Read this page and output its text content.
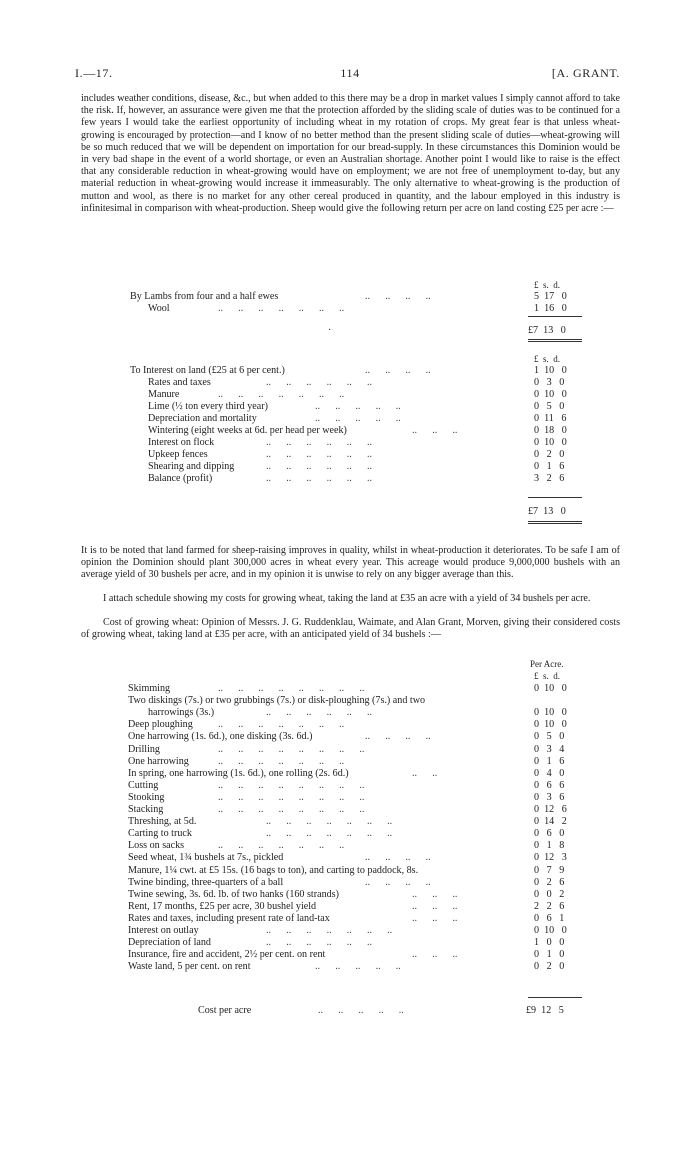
I.—17.	114	[A. GRANT.

includes weather conditions, disease, &c., but when added to this there may be a drop in market values I simply cannot afford to take the risk. If, however, an assurance were given me that the protection afforded by the sliding scale of duties was to be continued for a few years I would take the earliest opportunity of including wheat in my rotation of crops. My great fear is that unless wheat-growing is encouraged by protection—and I know of no better method than the present sliding scale of duties—wheat-growing will be so much reduced that we will be dependent on importation for our bread-supply. In these circumstances this Dominion would be in very bad shape in the event of a world shortage, or even an Australian shortage. Another point I would like to raise is the effect that any considerable reduction in wheat-growing would have on employment; we are not free of unemployment to-day, but any material reduction in wheat-growing would increase it immeasurably. The only alternative to wheat-growing is the production of mutton and wool, as there is no market for any other cereal produced in quantity, and the labour employed in this industry is infinitesimal in comparison with wheat-production. Sheep would give the following return per acre on land costing £25 per acre :—

£  s.  d.
By Lambs from four and a half ewes	..      ..      ..      ..	5  17   0
Wool	..      ..      ..      ..      ..      ..      ..	1  16   0
·	£7  13   0
£  s.  d.
To Interest on land (£25 at 6 per cent.)	..      ..      ..      ..	1  10   0
Rates and taxes	..      ..      ..      ..      ..      ..	0   3   0
Manure	..      ..      ..      ..      ..      ..      ..	0  10   0
Lime (½ ton every third year)	..      ..      ..      ..      ..	0   5   0
Depreciation and mortality	..      ..      ..      ..      ..	0  11   6
Wintering (eight weeks at 6d. per head per week)	..      ..      ..	0  18   0
Interest on flock	..      ..      ..      ..      ..      ..	0  10   0
Upkeep fences	..      ..      ..      ..      ..      ..	0   2   0
Shearing and dipping	..      ..      ..      ..      ..      ..	0   1   6
Balance (profit)	..      ..      ..      ..      ..      ..	3   2   6
£7  13   0

It is to be noted that land farmed for sheep-raising improves in quality, whilst in wheat-production it deteriorates. To be safe I am of opinion the Dominion should plant 300,000 acres in wheat every year. This acreage would produce 9,000,000 bushels with an average yield of 30 bushels per acre, and in my opinion it is unwise to rely on any bigger average than this.

I attach schedule showing my costs for growing wheat, taking the land at £35 an acre with a yield of 34 bushels per acre.

Cost of growing wheat: Opinion of Messrs. J. G. Ruddenklau, Waimate, and Alan Grant, Morven, giving their considered costs of growing wheat, taking land at £35 per acre, with an anticipated yield of 34 bushels :—

Per Acre.
£  s.  d.
Skimming	..      ..      ..      ..      ..      ..      ..      ..	0  10   0
Two diskings (7s.) or two grubbings (7s.) or disk-ploughing (7s.) and two
harrowings (3s.)	..      ..      ..      ..      ..      ..	0  10   0
Deep ploughing ..      ..      ..      ..      ..      ..      ..	0  10   0
One harrowing (1s. 6d.), one disking (3s. 6d.)	..      ..      ..      ..	0   5   0
Drilling	..      ..      ..      ..      ..      ..      ..      ..	0   3   4
One harrowing	..      ..      ..      ..      ..      ..      ..	0   1   6
In spring, one harrowing (1s. 6d.), one rolling (2s. 6d.)	..      ..	0   4   0
Cutting	..      ..      ..      ..      ..      ..      ..      ..	0   6   6
Stooking	..      ..      ..      ..      ..      ..      ..      ..	0   3   6
Stacking	..      ..      ..      ..      ..      ..      ..      ..	0  12   6
Threshing, at 5d.	..      ..      ..      ..      ..      ..      ..	0  14   2
Carting to truck	..      ..      ..      ..      ..      ..      ..	0   6   0
Loss on sacks	..      ..      ..      ..      ..      ..      ..	0   1   8
Seed wheat, 1¾ bushels at 7s., pickled	..      ..      ..      ..	0  12   3
Manure, 1¼ cwt. at £5 15s. (16 bags to ton), and carting to paddock, 8s.	0   7   9
Twine binding, three-quarters of a ball	..      ..      ..      ..	0   2   6
Twine sewing, 3s. 6d. lb. of two hanks (160 strands)	..      ..      ..	0   0   2
Rent, 17 months, £25 per acre, 30 bushel yield	..      ..      ..	2   2   6
Rates and taxes, including present rate of land-tax	..      ..      ..	0   6   1
Interest on outlay	..      ..      ..      ..      ..      ..      ..	0  10   0
Depreciation of land	..      ..      ..      ..      ..      ..	1   0   0
Insurance, fire and accident, 2½ per cent. on rent	..      ..      ..	0   1   0
Waste land, 5 per cent. on rent	..      ..      ..      ..      ..	0   2   0
Cost per acre	..      ..      ..      ..      ..	£9  12   5
